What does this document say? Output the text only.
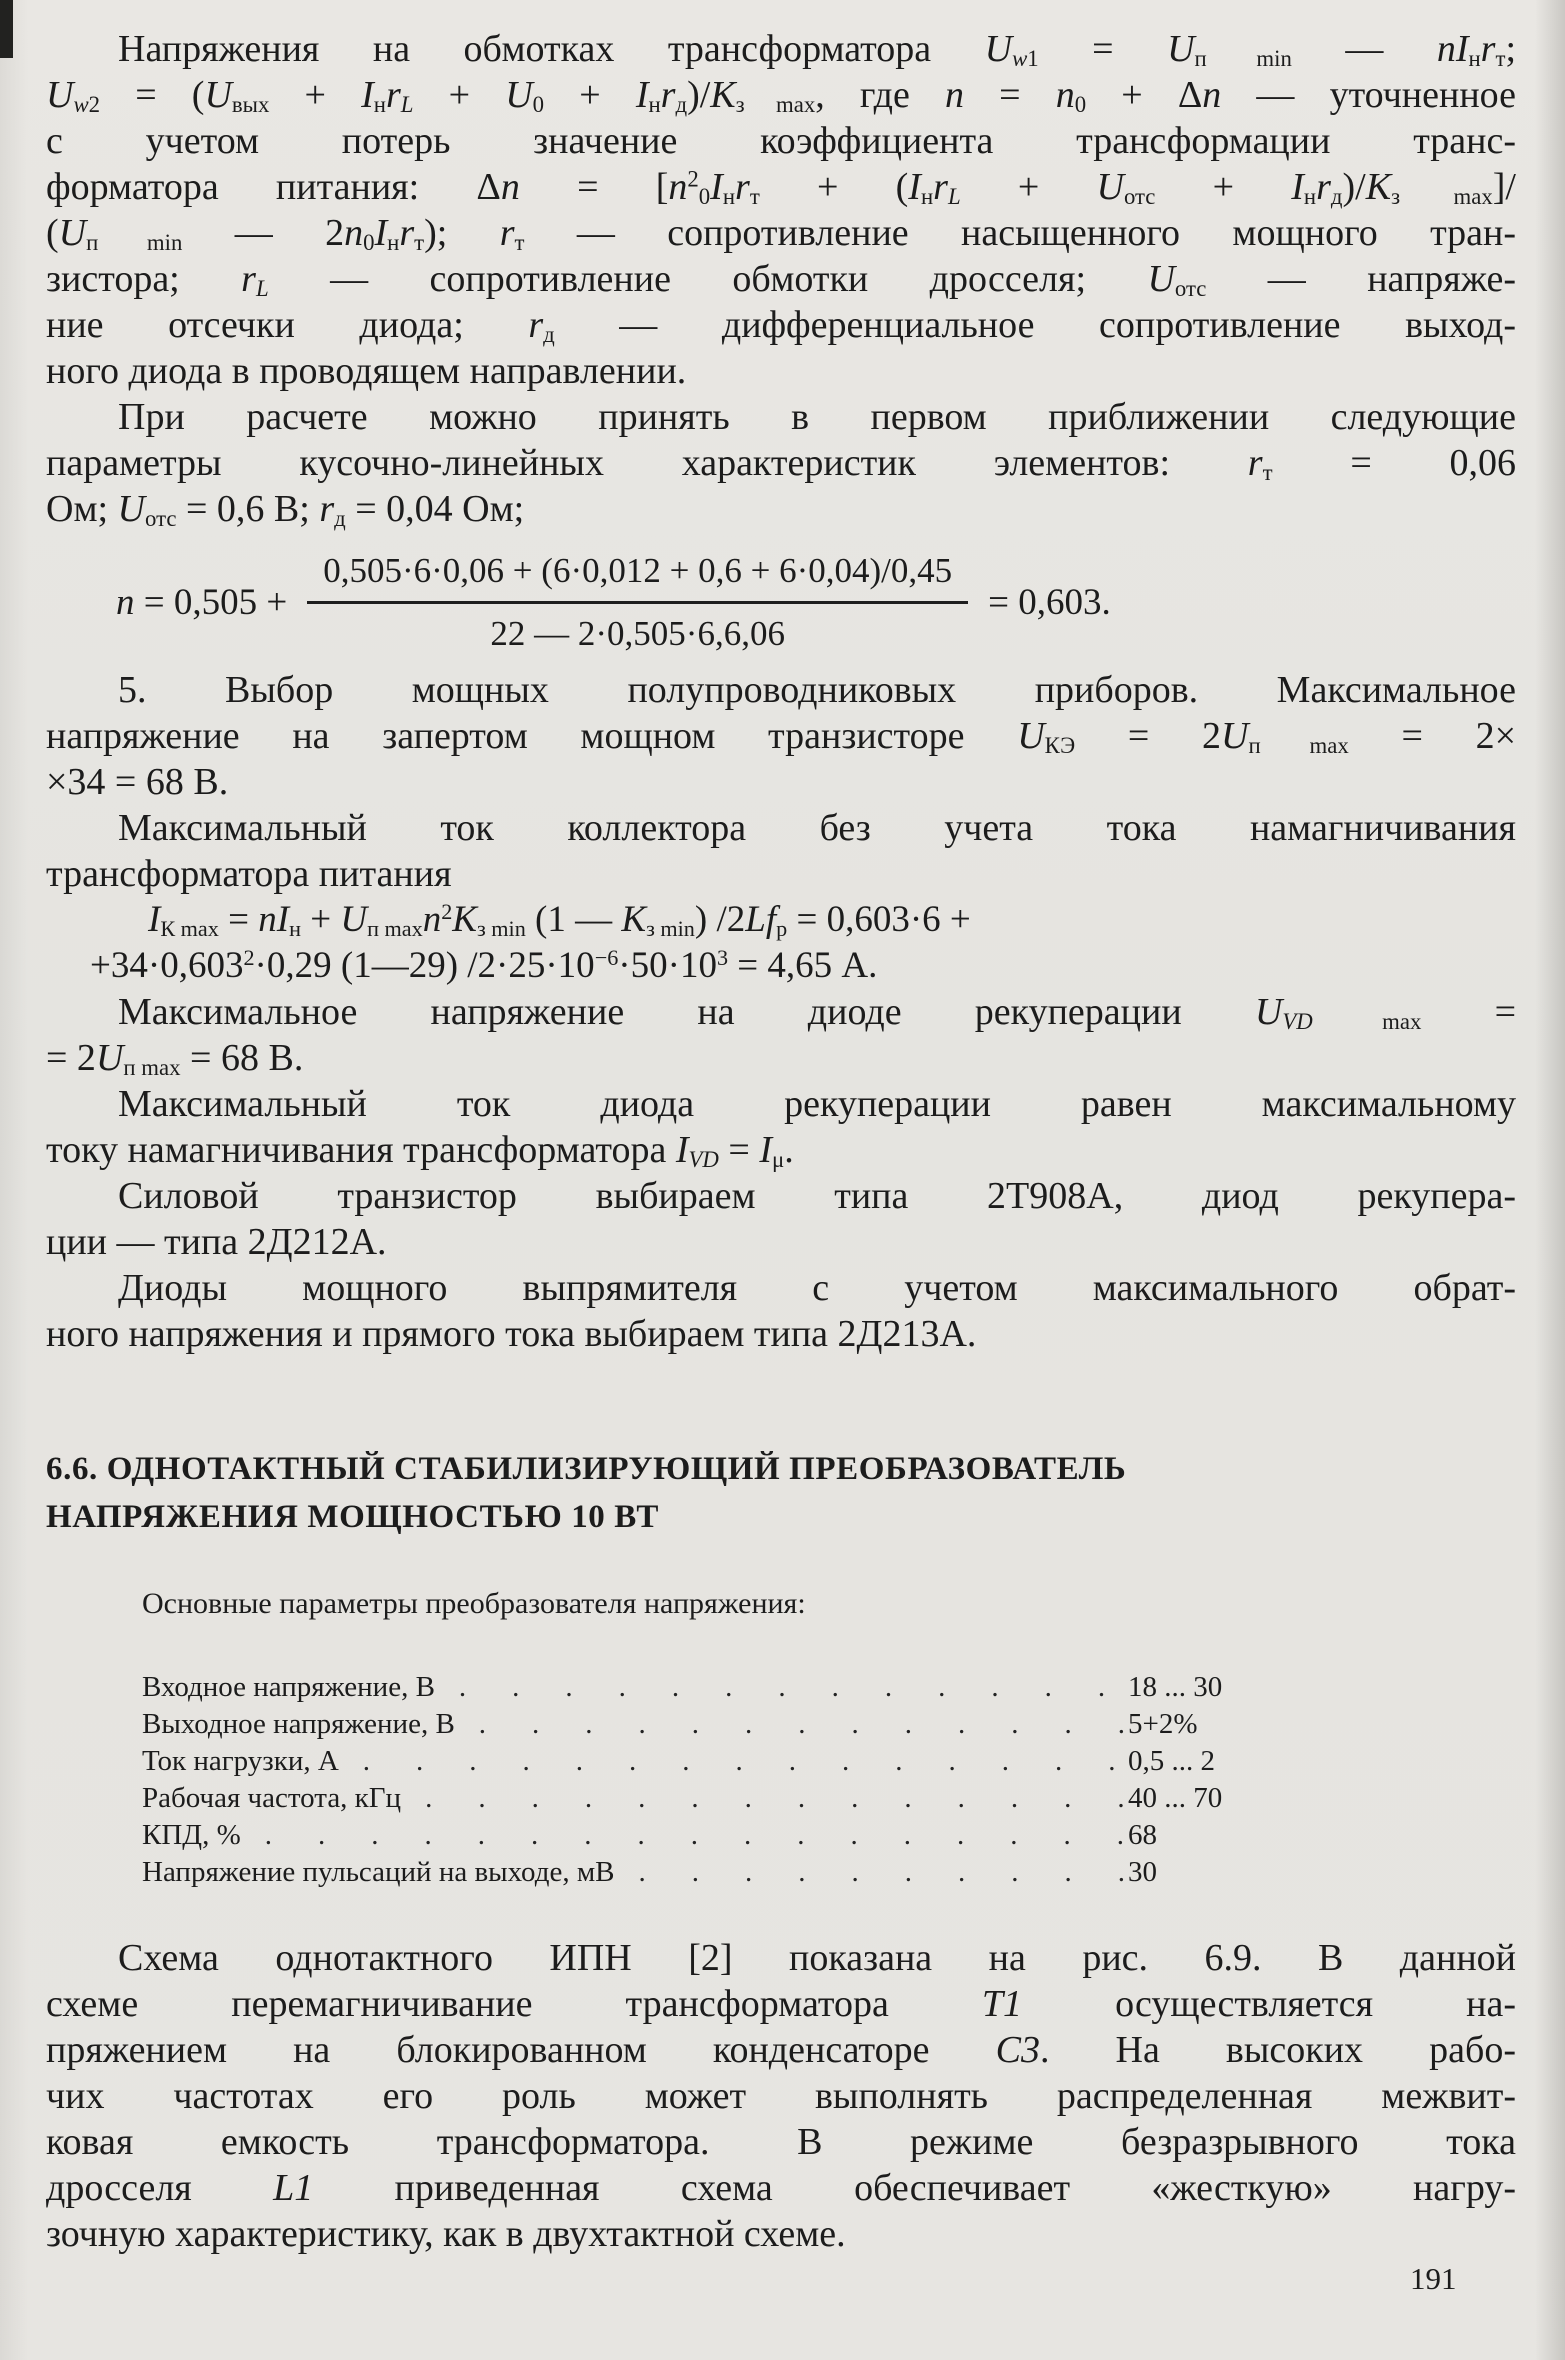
Напряжения на обмотках трансформатора $U_{w1} = U_{п min}$ — $nI_нr_т$;
$U_{w2} = (U_{вых} + I_нr_L + U_0 + I_нr_д)/K_{з max}$, где $n = n_0 + \Delta n$ — уточненное
с учетом потерь значение коэффициента трансформации транс-
форматора питания: $\Delta n = [n^2_0I_нr_т + (I_нr_L + U_{отс} + I_нr_д)/K_{з max}]/$
($U_{п min}$ — $2n_0I_нr_т$); $r_т$ — сопротивление насыщенного мощного тран-
зистора; $r_L$ — сопротивление обмотки дросселя; $U_{отс}$ — напряже-
ние отсечки диода; $r_д$ — дифференциальное сопротивление выход-
ного диода в проводящем направлении.
При расчете можно принять в первом приближении следующие
параметры кусочно-линейных характеристик элементов: $r_т = 0,06$
Ом; $U_{отс} = 0,6$ В; $r_д = 0,04$ Ом;
$n = 0,505 + \frac{0,505\cdot 6\cdot 0,06 + (6\cdot 0,012 + 0,6 + 6\cdot 0,04)/0,45}{22 — 2\cdot 0,505\cdot 6,6,06} = 0,603$.
5. Выбор мощных полупроводниковых приборов. Максимальное
напряжение на запертом мощном транзисторе $U_{КЭ} = 2U_{п max} = 2\times$
×34 = 68 В.
Максимальный ток коллектора без учета тока намагничивания
трансформатора питания
$I_{К max} = nI_н + U_{п max}n^2K_{з min}$ (1 — $K_{з min}$) $/2Lf_р = 0,603\cdot 6$ +
$+34\cdot 0,603^2\cdot 0,29$ (1—29) $/2\cdot 25\cdot 10^{-6}\cdot 50\cdot 10^3 = 4,65$ А.
Максимальное напряжение на диоде рекуперации $U_{VD max}$ =
= $2U_{п max} = 68$ В.
Максимальный ток диода рекуперации равен максимальному
току намагничивания трансформатора $I_{VD} = I_\mu$.
Силовой транзистор выбираем типа 2Т908А, диод рекупера-
ции — типа 2Д212А.
Диоды мощного выпрямителя с учетом максимального обрат-
ного напряжения и прямого тока выбираем типа 2Д213А.
6.6. ОДНОТАКТНЫЙ СТАБИЛИЗИРУЮЩИЙ ПРЕОБРАЗОВАТЕЛЬ
НАПРЯЖЕНИЯ МОЩНОСТЬЮ 10 ВТ
Основные параметры преобразователя напряжения:
Входное напряжение, В .....	18 ... 30
Выходное напряжение, В .....	5+2%
Ток нагрузки, А .....	0,5 ... 2
Рабочая частота, кГц .....	40 ... 70
КПД, % .....	68
Напряжение пульсаций на выходе, мВ .....	30
Схема однотактного ИПН [2] показана на рис. 6.9. В данной
схеме перемагничивание трансформатора Т1 осуществляется на-
пряжением на блокированном конденсаторе С3. На высоких рабо-
чих частотах его роль может выполнять распределенная межвит-
ковая емкость трансформатора. В режиме безразрывного тока
дросселя L1 приведенная схема обеспечивает «жесткую» нагру-
зочную характеристику, как в двухтактной схеме.
191
